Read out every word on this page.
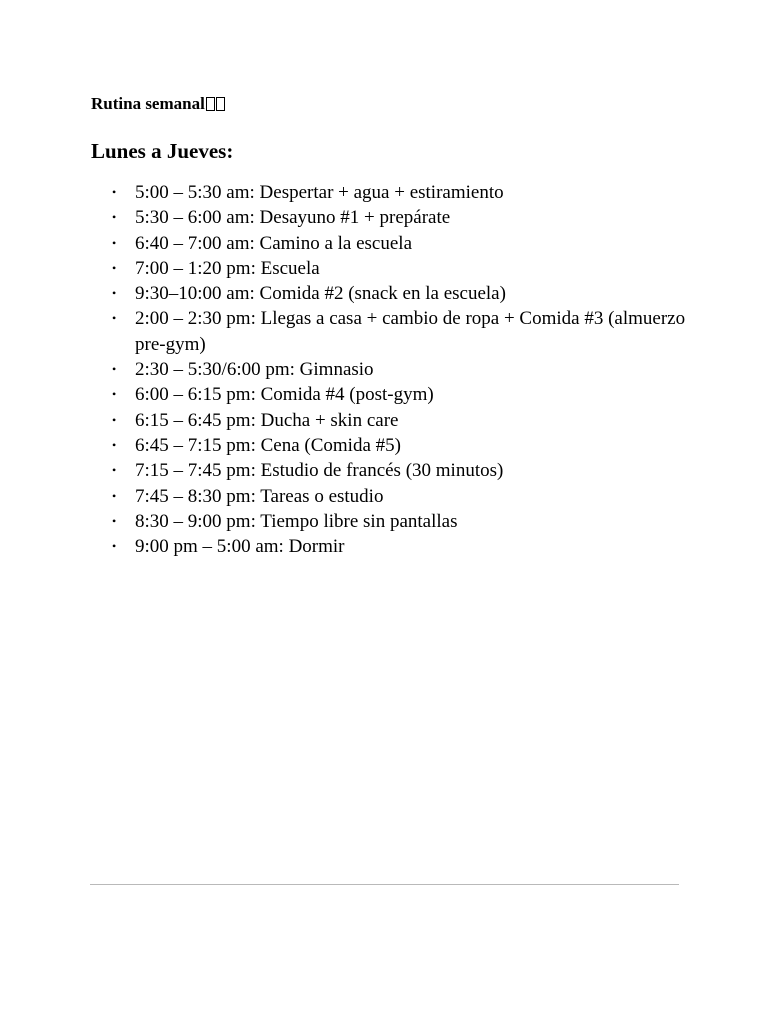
Rutina semanal
Lunes a Jueves:
• 5:00 – 5:30 am: Despertar + agua + estiramiento
• 5:30 – 6:00 am: Desayuno #1 + prepárate
• 6:40 – 7:00 am: Camino a la escuela
• 7:00 – 1:20 pm: Escuela
• 9:30–10:00 am: Comida #2 (snack en la escuela)
• 2:00 – 2:30 pm: Llegas a casa + cambio de ropa + Comida #3 (almuerzo pre-gym)
• 2:30 – 5:30/6:00 pm: Gimnasio
• 6:00 – 6:15 pm: Comida #4 (post-gym)
• 6:15 – 6:45 pm: Ducha + skin care
• 6:45 – 7:15 pm: Cena (Comida #5)
• 7:15 – 7:45 pm: Estudio de francés (30 minutos)
• 7:45 – 8:30 pm: Tareas o estudio
• 8:30 – 9:00 pm: Tiempo libre sin pantallas
• 9:00 pm – 5:00 am: Dormir
